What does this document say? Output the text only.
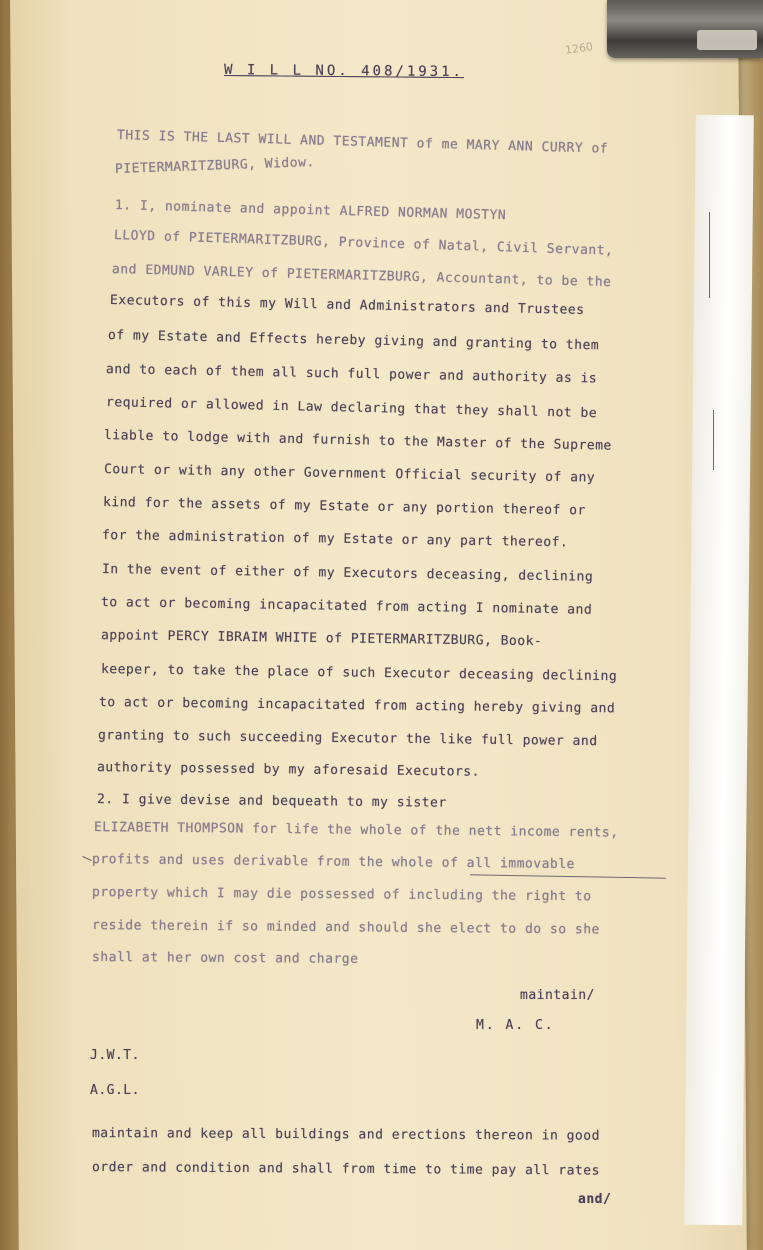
1260
W I L L NO. 408/1931.
THIS IS THE LAST WILL AND TESTAMENT of me MARY ANN CURRY of
PIETERMARITZBURG, Widow.
1. I, nominate and appoint ALFRED NORMAN MOSTYN
LLOYD of PIETERMARITZBURG, Province of Natal, Civil Servant,
and EDMUND VARLEY of PIETERMARITZBURG, Accountant, to be the
Executors of this my Will and Administrators and Trustees
of my Estate and Effects hereby giving and granting to them
and to each of them all such full power and authority as is
required or allowed in Law declaring that they shall not be
liable to lodge with and furnish to the Master of the Supreme
Court or with any other Government Official security of any
kind for the assets of my Estate or any portion thereof or
for the administration of my Estate or any part thereof.
In the event of either of my Executors deceasing, declining
to act or becoming incapacitated from acting I nominate and
appoint PERCY IBRAIM WHITE of PIETERMARITZBURG, Book-
keeper, to take the place of such Executor deceasing declining
to act or becoming incapacitated from acting hereby giving and
granting to such succeeding Executor the like full power and
authority possessed by my aforesaid Executors.
2. I give devise and bequeath to my sister
ELIZABETH THOMPSON for life the whole of the nett income rents,
profits and uses derivable from the whole of all immovable
property which I may die possessed of including the right to
reside therein if so minded and should she elect to do so she
shall at her own cost and charge
maintain/
M. A. C.
J.W.T.
A.G.L.
maintain and keep all buildings and erections thereon in good
order and condition and shall from time to time pay all rates
and/
